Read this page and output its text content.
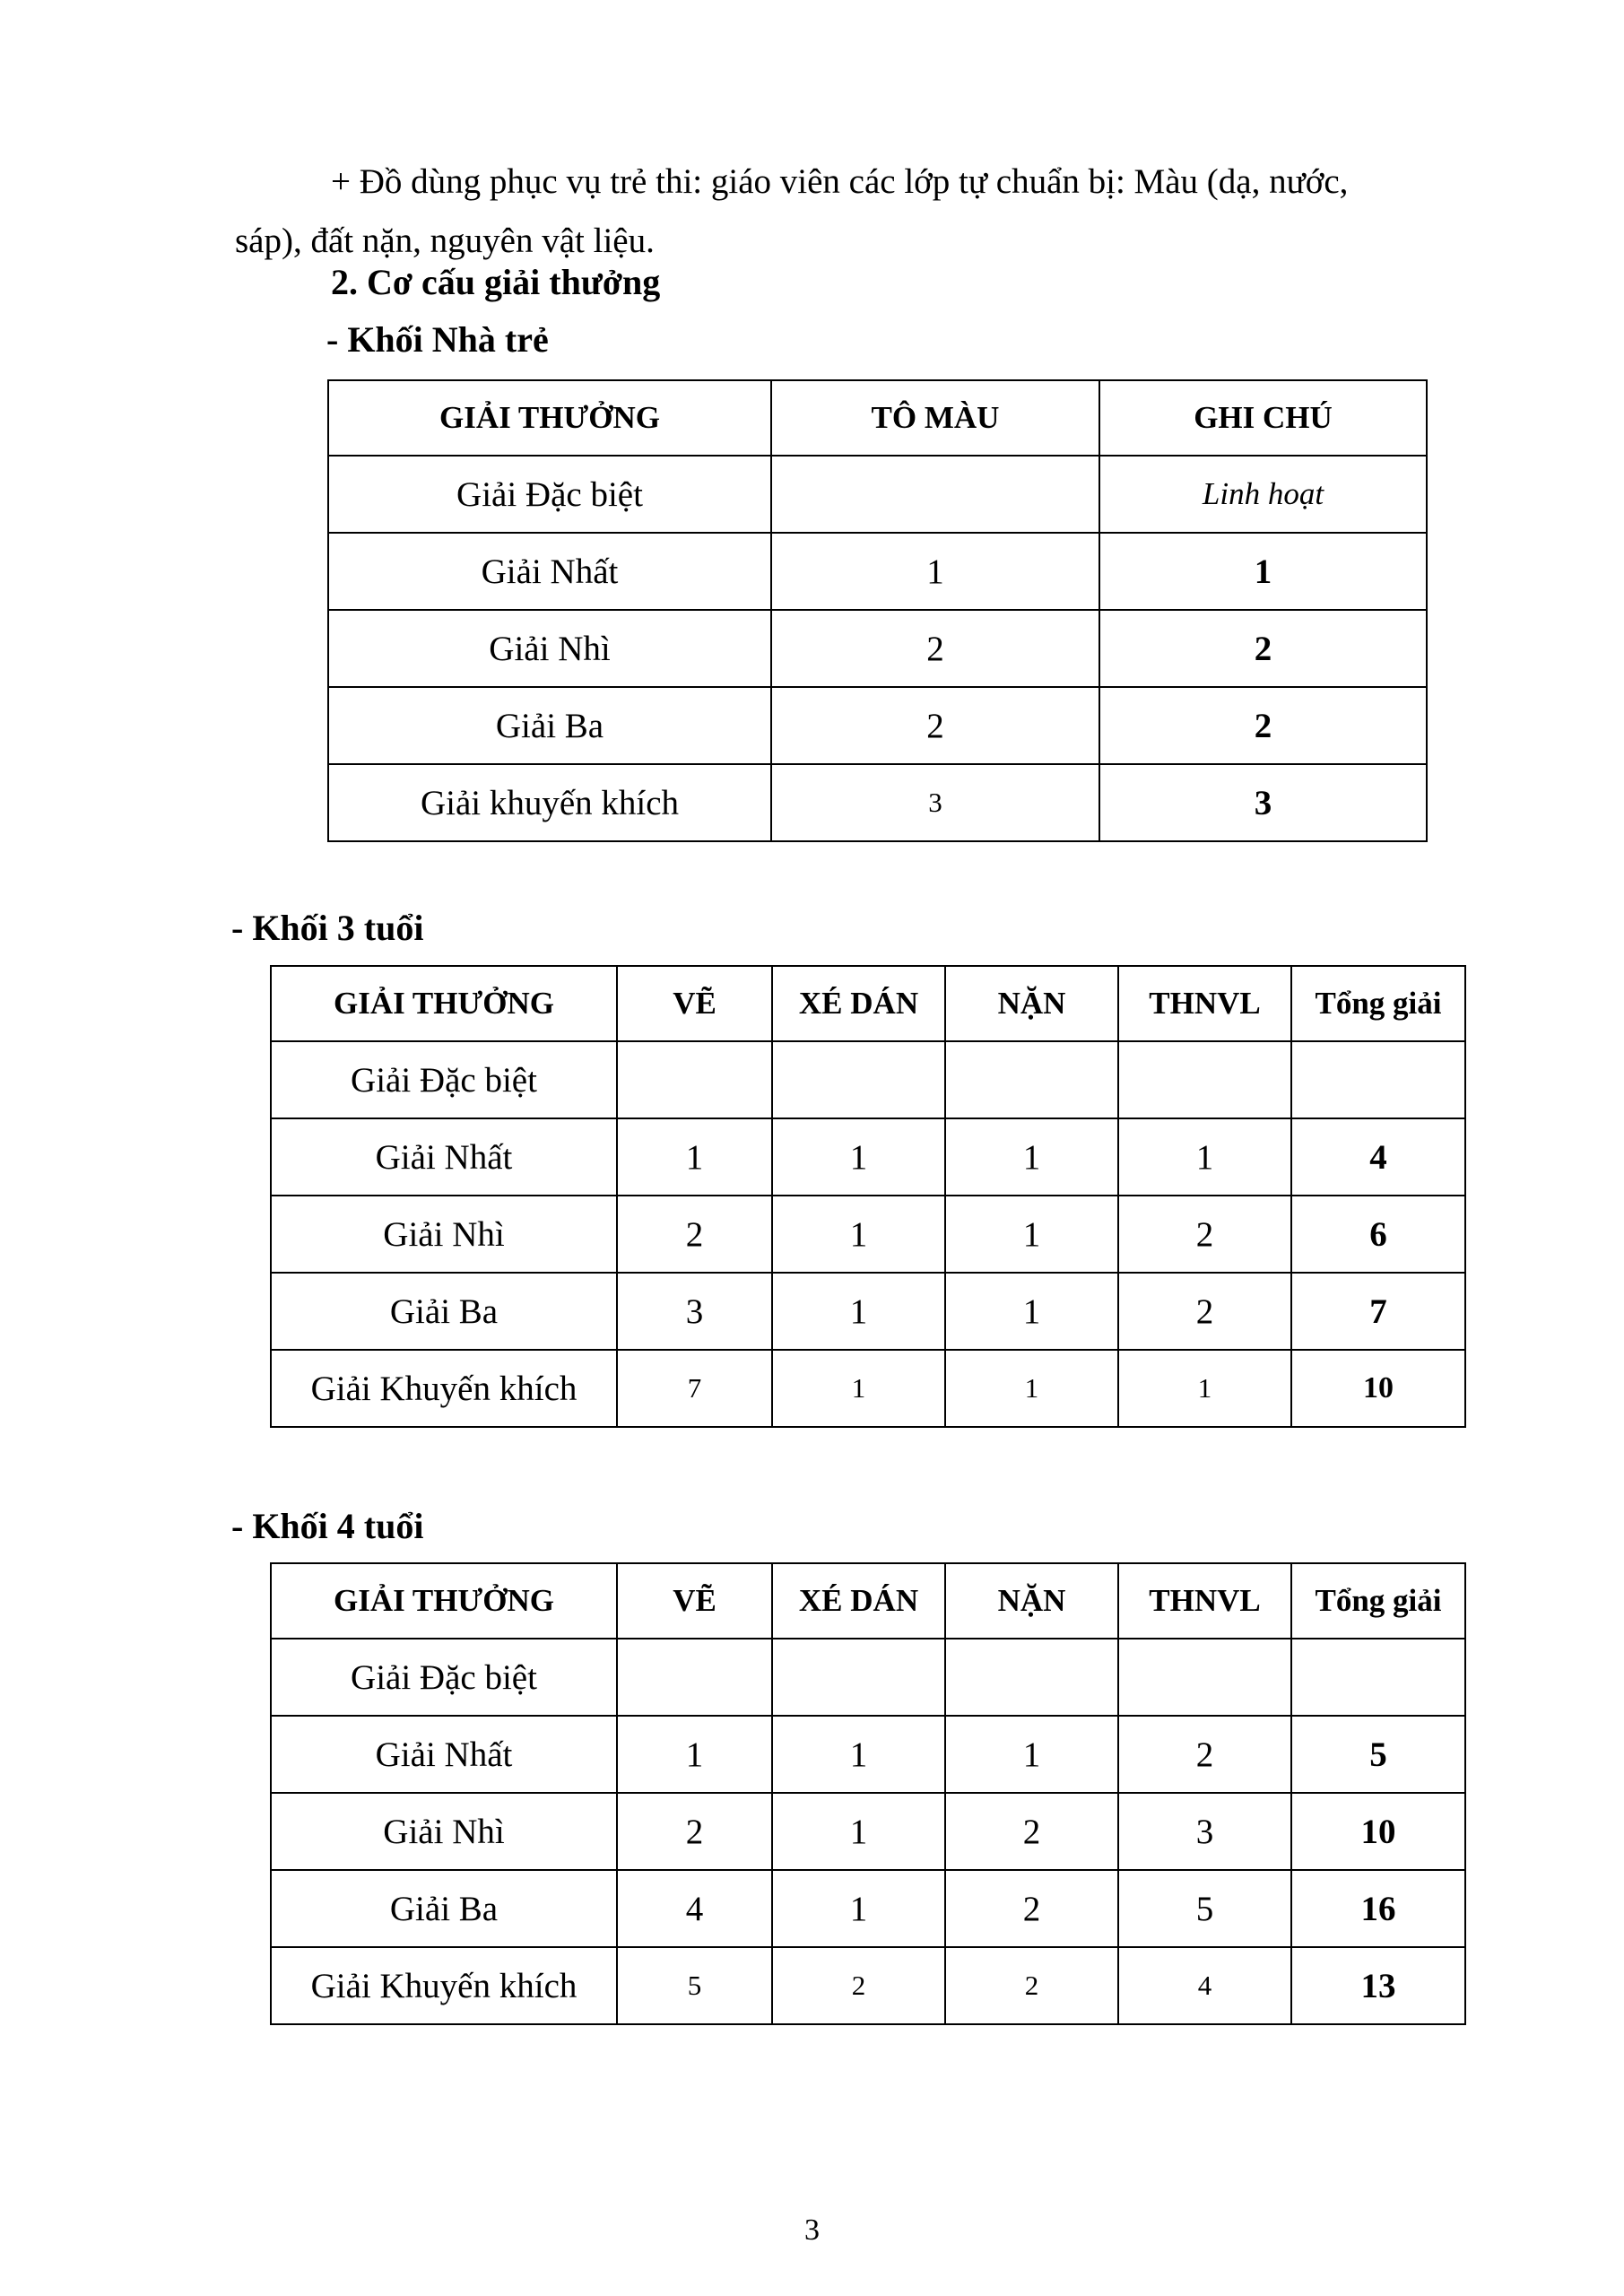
+ Đồ dùng phục vụ trẻ thi: giáo viên các lớp tự chuẩn bị: Màu (dạ, nước,
sáp), đất nặn, nguyên vật liệu.
2. Cơ cấu giải thưởng
- Khối Nhà trẻ
GIẢI THƯỞNG	TÔ MÀU	GHI CHÚ
Giải Đặc biệt		Linh hoạt
Giải Nhất	1	1
Giải Nhì	2	2
Giải Ba	2	2
Giải khuyến khích	3	3
- Khối 3 tuổi
GIẢI THƯỞNG	VẼ	XÉ DÁN	NẶN	THNVL	Tổng giải
Giải Đặc biệt					
Giải Nhất	1	1	1	1	4
Giải Nhì	2	1	1	2	6
Giải Ba	3	1	1	2	7
Giải Khuyến khích	7	1	1	1	10
- Khối 4 tuổi
GIẢI THƯỞNG	VẼ	XÉ DÁN	NẶN	THNVL	Tổng giải
Giải Đặc biệt					
Giải Nhất	1	1	1	2	5
Giải Nhì	2	1	2	3	10
Giải Ba	4	1	2	5	16
Giải Khuyến khích	5	2	2	4	13
3
